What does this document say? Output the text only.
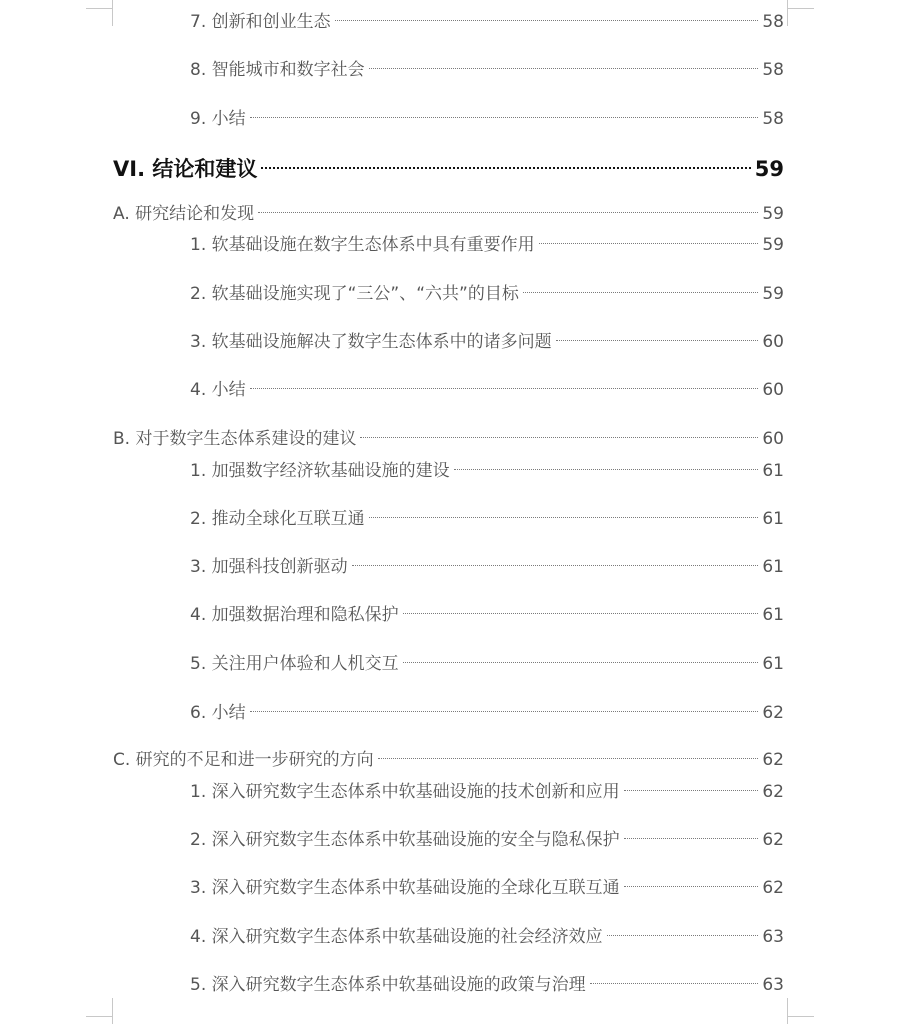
7. 创新和创业生态	58
8. 智能城市和数字社会	58
9. 小结	58
VI. 结论和建议	59
A. 研究结论和发现	59
1. 软基础设施在数字生态体系中具有重要作用	59
2. 软基础设施实现了“三公”、“六共”的目标	59
3. 软基础设施解决了数字生态体系中的诸多问题	60
4. 小结	60
B. 对于数字生态体系建设的建议	60
1. 加强数字经济软基础设施的建设	61
2. 推动全球化互联互通	61
3. 加强科技创新驱动	61
4. 加强数据治理和隐私保护	61
5. 关注用户体验和人机交互	61
6. 小结	62
C. 研究的不足和进一步研究的方向	62
1. 深入研究数字生态体系中软基础设施的技术创新和应用	62
2. 深入研究数字生态体系中软基础设施的安全与隐私保护	62
3. 深入研究数字生态体系中软基础设施的全球化互联互通	62
4. 深入研究数字生态体系中软基础设施的社会经济效应	63
5. 深入研究数字生态体系中软基础设施的政策与治理	63
